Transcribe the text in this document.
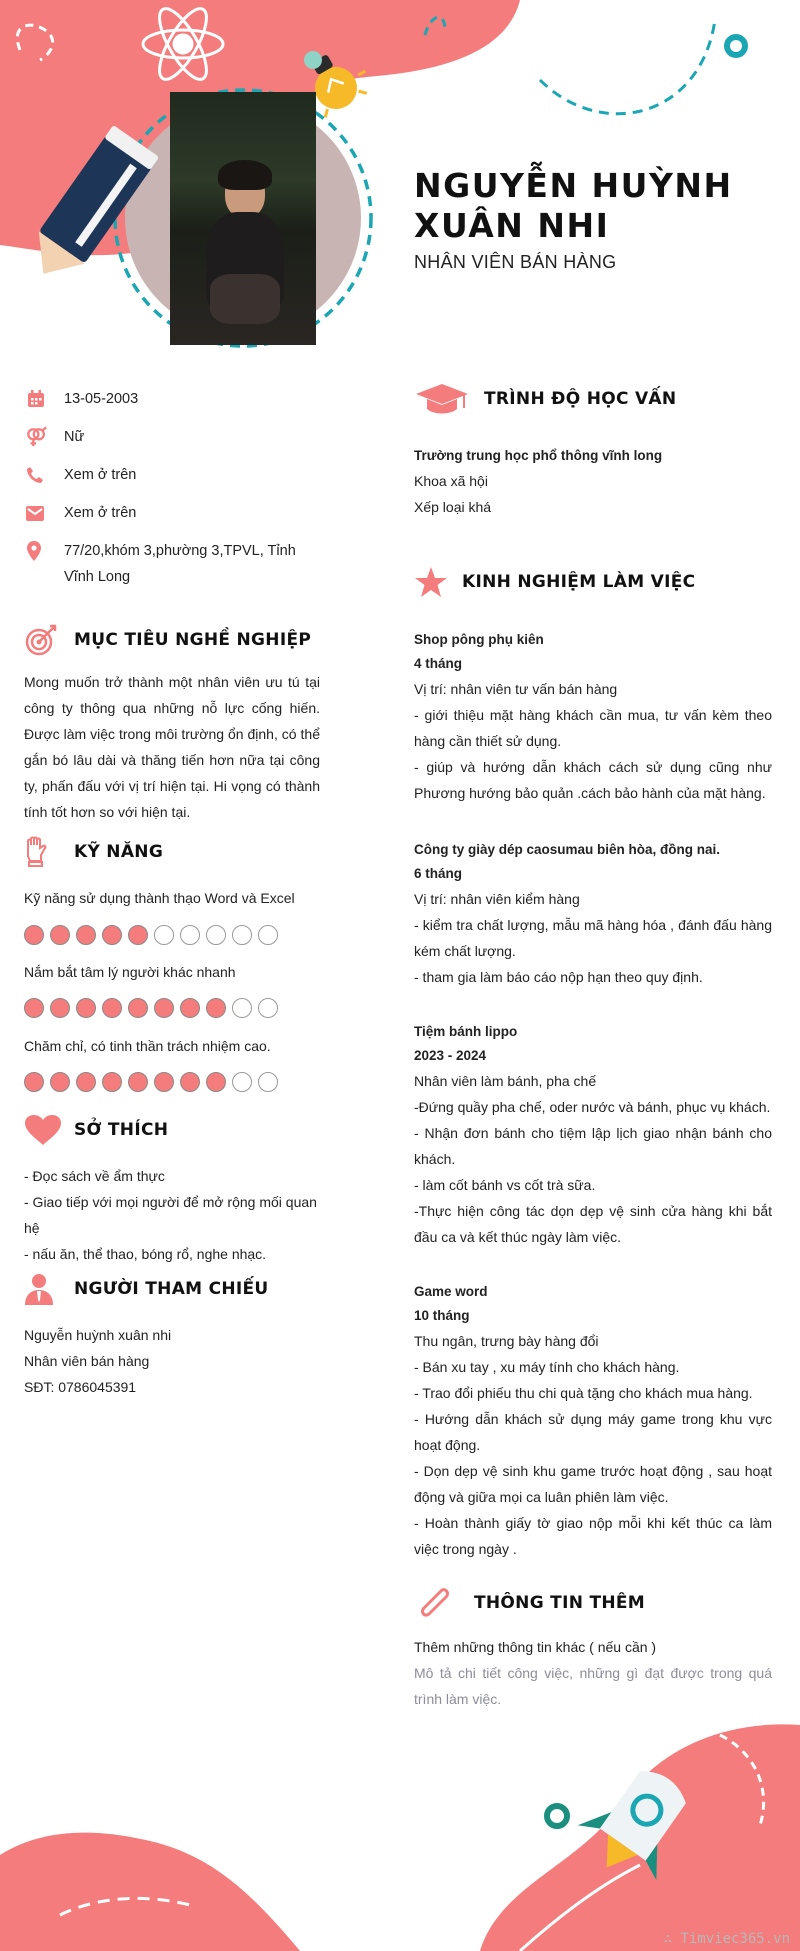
NGUYỄN HUỲNH
XUÂN NHI
NHÂN VIÊN BÁN HÀNG
13-05-2003
Nữ
Xem ở trên
Xem ở trên
77/20,khóm 3,phường 3,TPVL, Tỉnh Vĩnh Long
MỤC TIÊU NGHỀ NGHIỆP
Mong muốn trở thành một nhân viên ưu tú tại công ty thông qua những nỗ lực cống hiến. Được làm việc trong môi trường ổn định, có thể gắn bó lâu dài và thăng tiến hơn nữa tại công ty, phấn đấu với vị trí hiện tại. Hi vọng có thành tính tốt hơn so với hiện tại.
KỸ NĂNG
Kỹ năng sử dụng thành thạo Word và Excel
Nắm bắt tâm lý người khác nhanh
Chăm chỉ, có tinh thần trách nhiệm cao.
SỞ THÍCH
- Đọc sách về ẩm thực
- Giao tiếp với mọi người để mở rộng mối quan hệ
- nấu ăn, thể thao, bóng rổ, nghe nhạc.
NGƯỜI THAM CHIẾU
Nguyễn huỳnh xuân nhi
Nhân viên bán hàng
SĐT: 0786045391
TRÌNH ĐỘ HỌC VẤN
Trường trung học phổ thông vĩnh long
Khoa xã hội
Xếp loại khá
KINH NGHIỆM LÀM VIỆC
Shop pông phụ kiên
4 tháng
Vị trí: nhân viên tư vấn bán hàng
- giới thiệu mặt hàng khách cần mua, tư vấn kèm theo hàng cần thiết sử dụng.
- giúp và hướng dẫn khách cách sử dụng cũng như Phương hướng bảo quản .cách bảo hành của mặt hàng.
Công ty giày dép caosumau biên hòa, đồng nai.
6 tháng
Vị trí: nhân viên kiểm hàng
- kiểm tra chất lượng, mẫu mã hàng hóa , đánh đấu hàng kém chất lượng.
- tham gia làm báo cáo nộp hạn theo quy định.
Tiệm bánh lippo
2023 - 2024
Nhân viên làm bánh, pha chế
-Đứng quầy pha chế, oder nước và bánh, phục vụ khách.
- Nhận đơn bánh cho tiệm lập lịch giao nhận bánh cho khách.
- làm cốt bánh vs cốt trà sữa.
-Thực hiện công tác dọn dẹp vệ sinh cửa hàng khi bắt đầu ca và kết thúc ngày làm việc.
Game word
10 tháng
Thu ngân, trưng bày hàng đổi
- Bán xu tay , xu máy tính cho khách hàng.
- Trao đổi phiếu thu chi quà tặng cho khách mua hàng.
- Hướng dẫn khách sử dụng máy game trong khu vực hoạt động.
- Dọn dẹp vệ sinh khu game trước hoạt động , sau hoạt động và giữa mọi ca luân phiên làm việc.
- Hoàn thành giấy tờ giao nộp mỗi khi kết thúc ca làm việc trong ngày .
THÔNG TIN THÊM
Thêm những thông tin khác ( nếu cần )
Mô tả chi tiết công việc, những gì đạt được trong quá trình làm việc.
∴ Timviec365.vn
